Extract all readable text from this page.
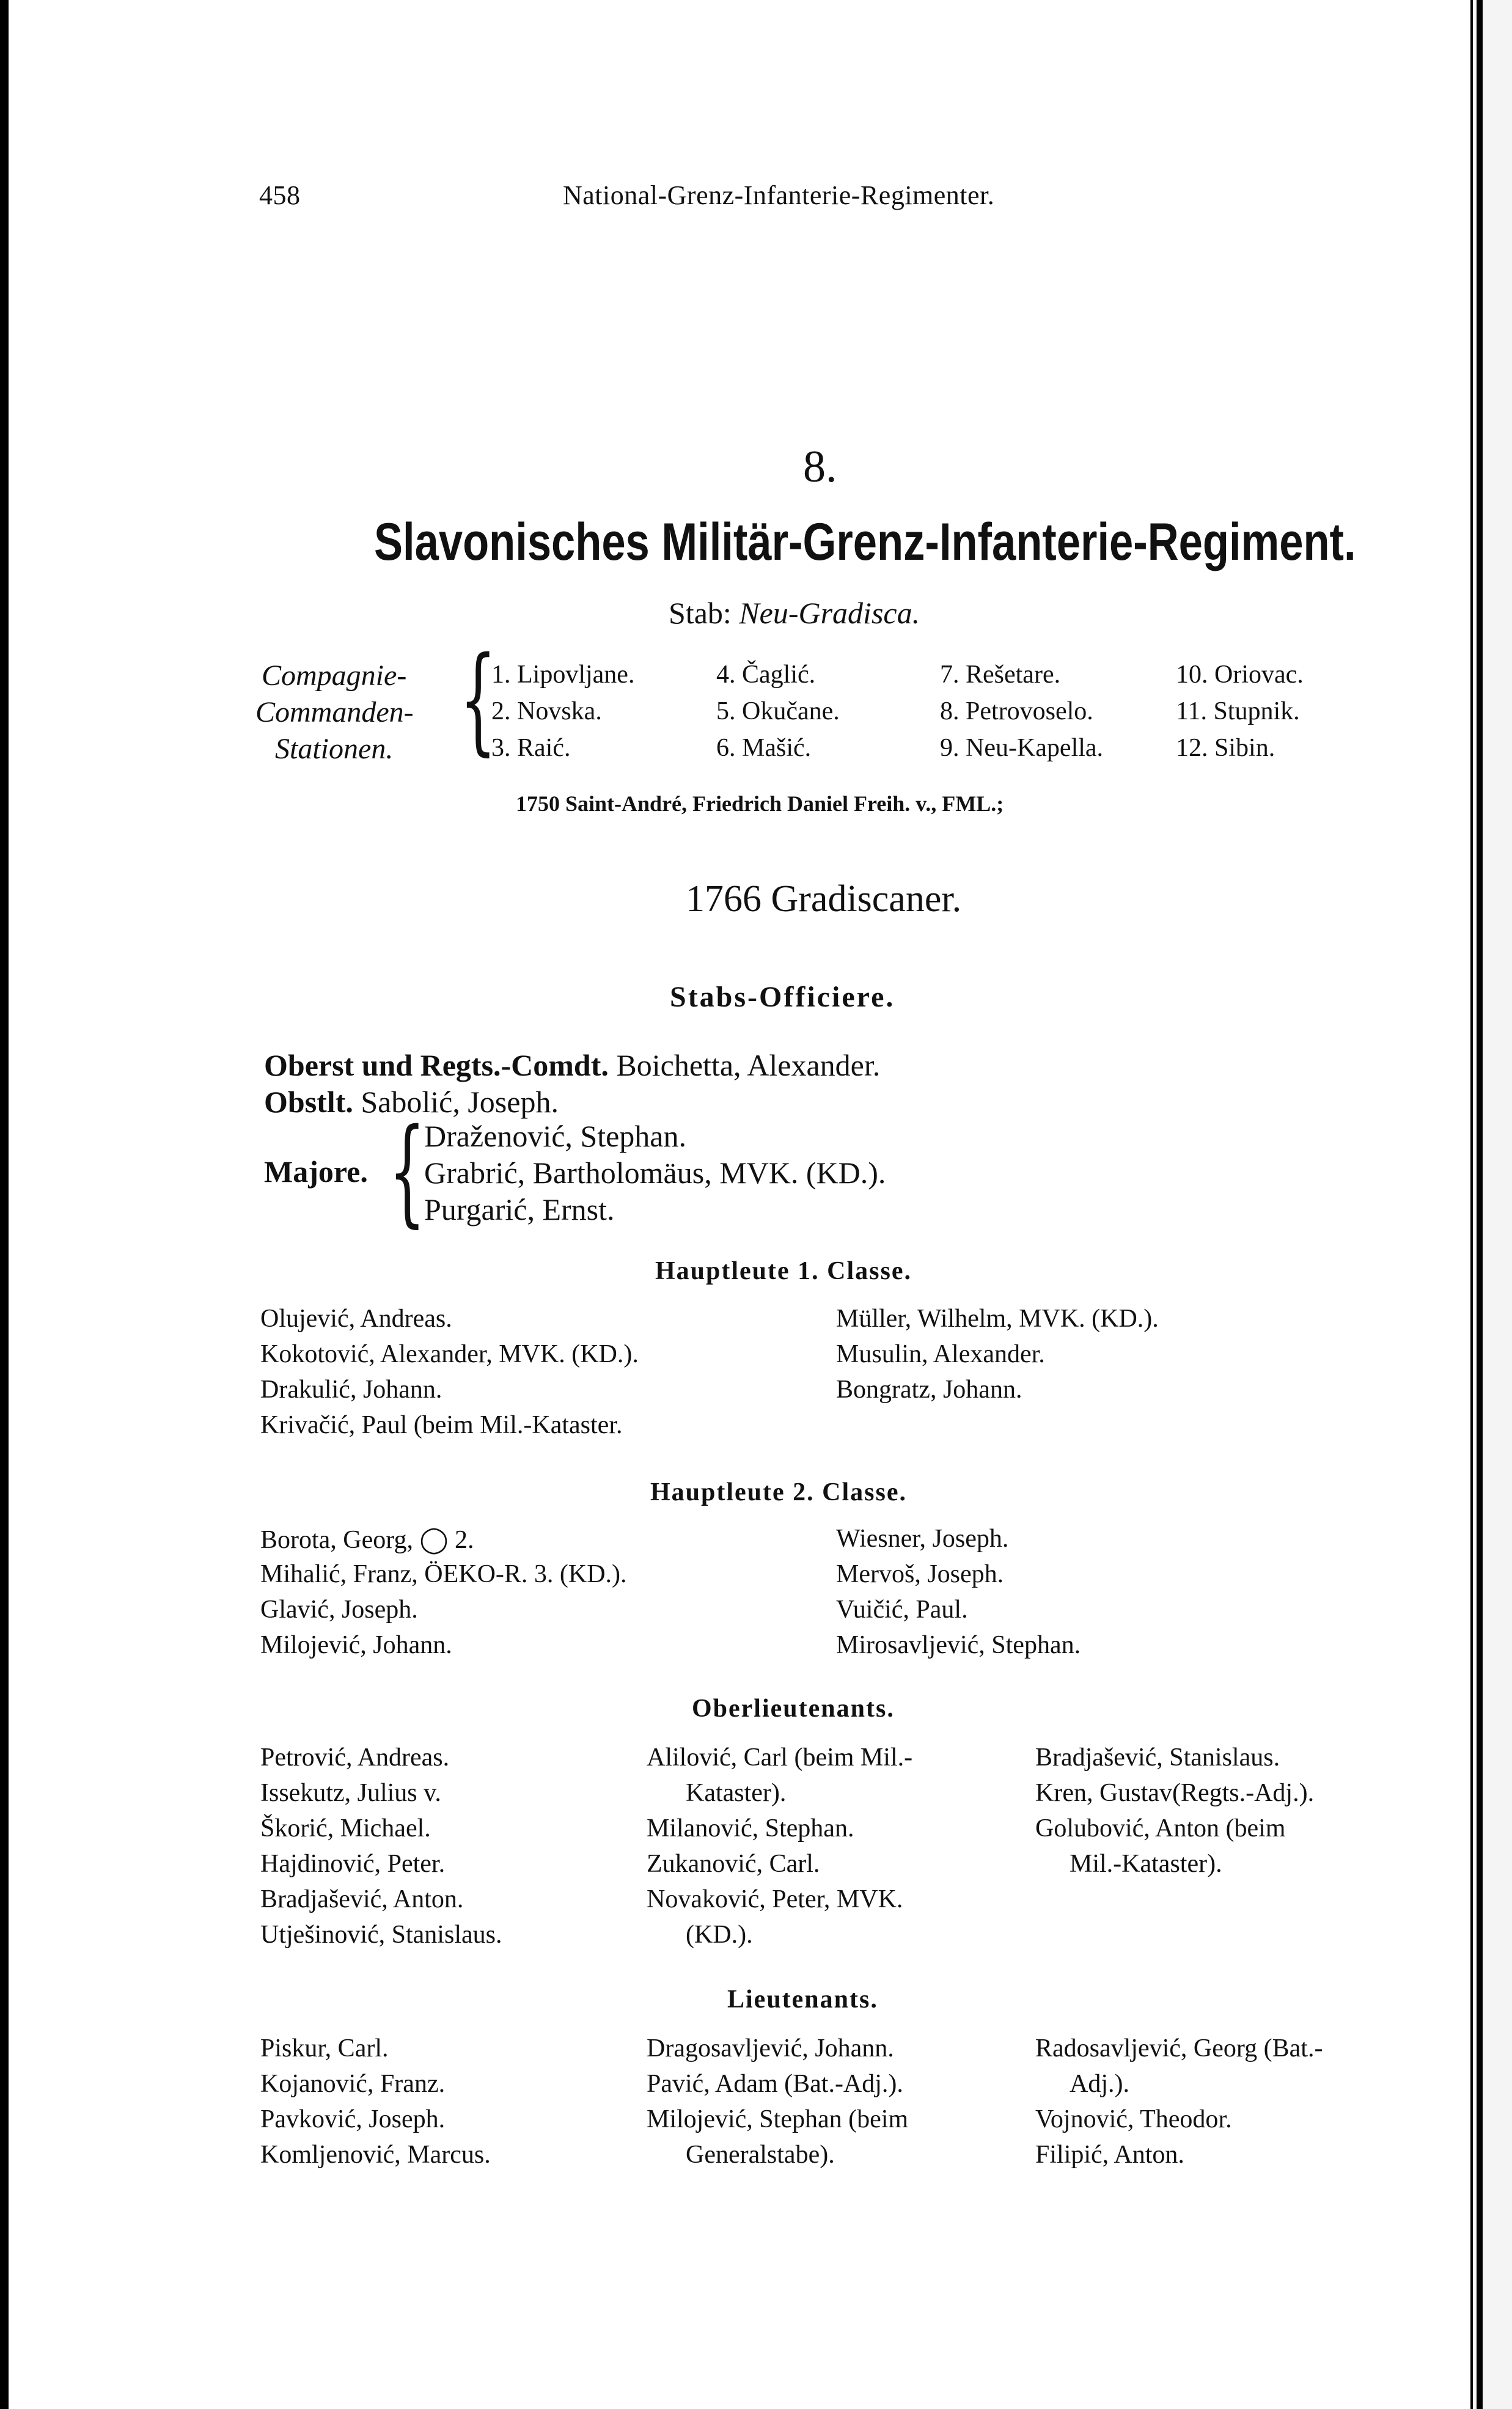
458	National-Grenz-Infanterie-Regimenter.
8.
Slavonisches Militär-Grenz-Infanterie-Regiment.
Stab: Neu-Gradisca.
Compagnie-
Commanden-
Stationen. {
1. Lipovljane.
2. Novska.
3. Raić.
4. Čaglić.
5. Okučane.
6. Mašić.
7. Rešetare.
8. Petrovoselo.
9. Neu-Kapella.
10. Oriovac.
11. Stupnik.
12. Sibin.
1750 Saint-André, Friedrich Daniel Freih. v., FML.;
1766 Gradiscaner.
Stabs-Officiere.
Oberst und Regts.-Comdt. Boichetta, Alexander.
Obstlt. Sabolić, Joseph.
Majore. {
Draženović, Stephan.
Grabrić, Bartholomäus, MVK. (KD.).
Purgarić, Ernst.
Hauptleute 1. Classe.
Olujević, Andreas.
Kokotović, Alexander, MVK. (KD.).
Drakulić, Johann.
Krivačić, Paul (beim Mil.-Kataster.
Müller, Wilhelm, MVK. (KD.).
Musulin, Alexander.
Bongratz, Johann.
Hauptleute 2. Classe.
Borota, Georg, ◯ 2.
Mihalić, Franz, ÖEKO-R. 3. (KD.).
Glavić, Joseph.
Milojević, Johann.
Wiesner, Joseph.
Mervoš, Joseph.
Vuičić, Paul.
Mirosavljević, Stephan.
Oberlieutenants.
Petrović, Andreas.
Issekutz, Julius v.
Škorić, Michael.
Hajdinović, Peter.
Bradjašević, Anton.
Utješinović, Stanislaus.
Alilović, Carl (beim Mil.-
Kataster).
Milanović, Stephan.
Zukanović, Carl.
Novaković, Peter, MVK.
(KD.).
Bradjašević, Stanislaus.
Kren, Gustav(Regts.-Adj.).
Golubović, Anton (beim
Mil.-Kataster).
Lieutenants.
Piskur, Carl.
Kojanović, Franz.
Pavković, Joseph.
Komljenović, Marcus.
Dragosavljević, Johann.
Pavić, Adam (Bat.-Adj.).
Milojević, Stephan (beim
Generalstabe).
Radosavljević, Georg (Bat.-
Adj.).
Vojnović, Theodor.
Filipić, Anton.
